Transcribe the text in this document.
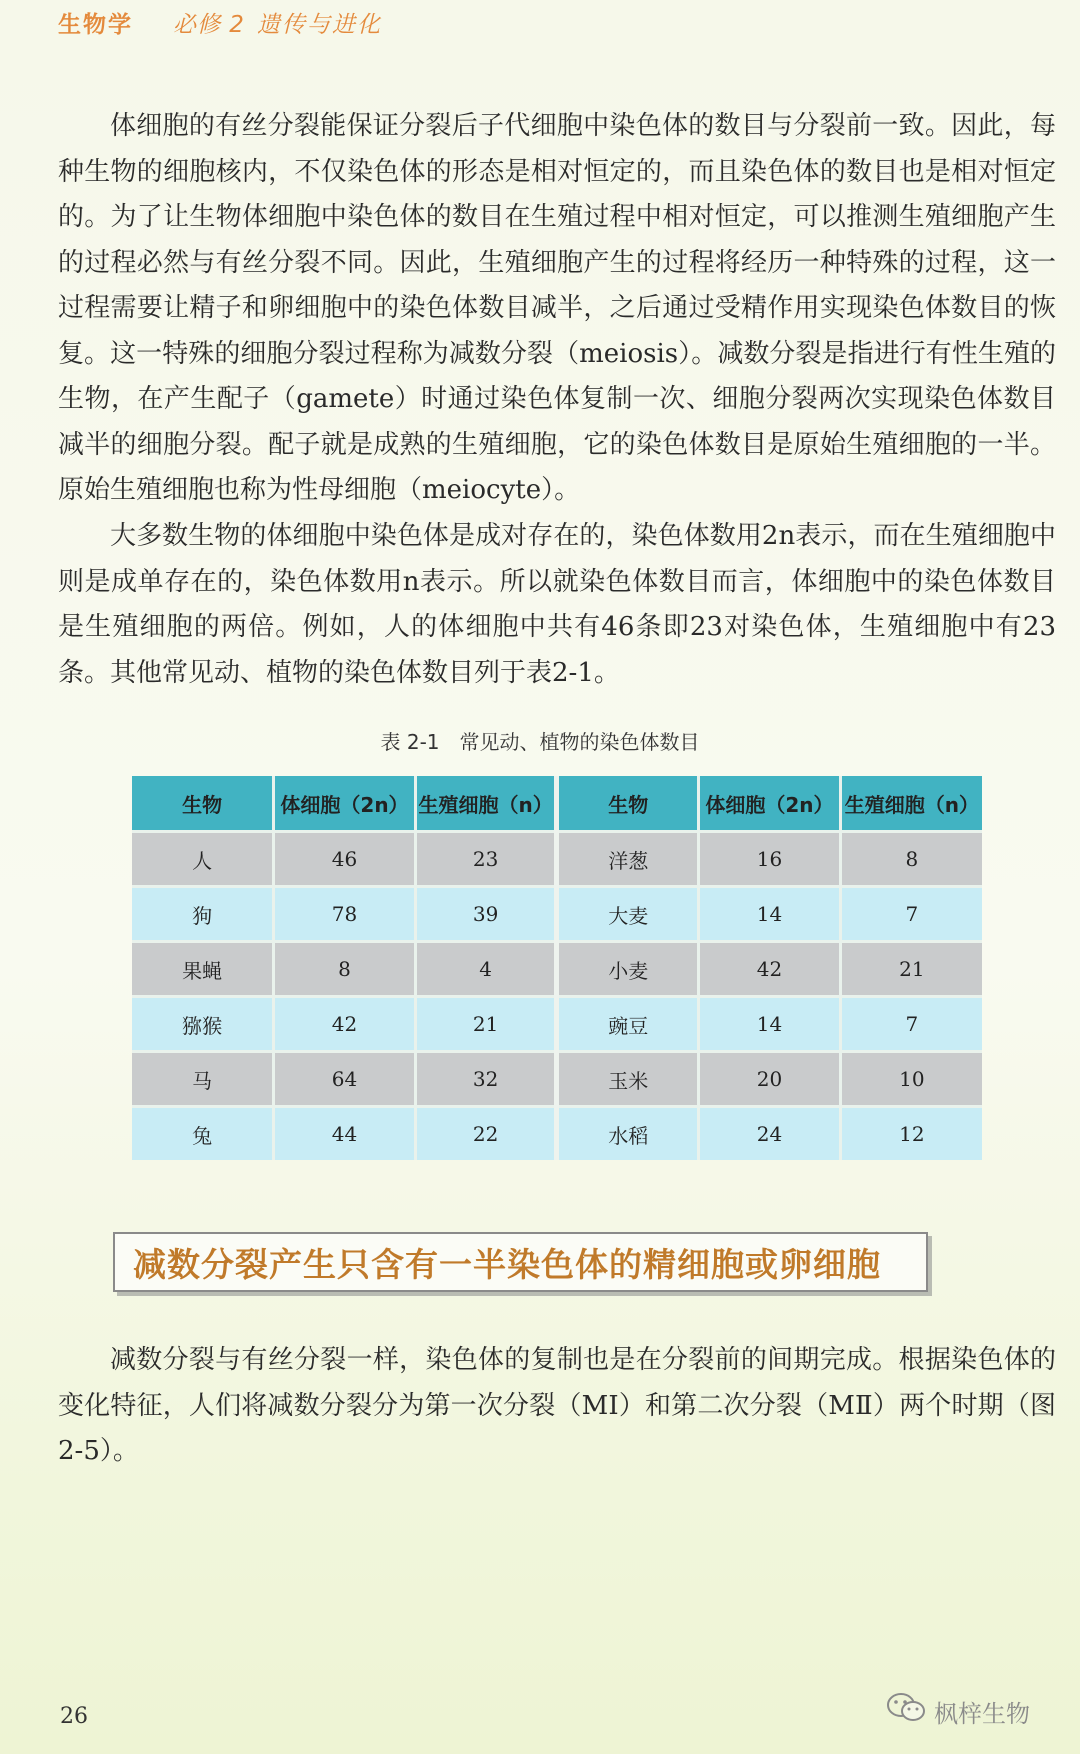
生物学 必修 2 遗传与进化

体细胞的有丝分裂能保证分裂后子代细胞中染色体的数目与分裂前一致。因此，每种生物的细胞核内，不仅染色体的形态是相对恒定的，而且染色体的数目也是相对恒定的。为了让生物体细胞中染色体的数目在生殖过程中相对恒定，可以推测生殖细胞产生的过程必然与有丝分裂不同。因此，生殖细胞产生的过程将经历一种特殊的过程，这一过程需要让精子和卵细胞中的染色体数目减半，之后通过受精作用实现染色体数目的恢复。这一特殊的细胞分裂过程称为减数分裂（meiosis）。减数分裂是指进行有性生殖的生物，在产生配子（gamete）时通过染色体复制一次、细胞分裂两次实现染色体数目减半的细胞分裂。配子就是成熟的生殖细胞，它的染色体数目是原始生殖细胞的一半。原始生殖细胞也称为性母细胞（meiocyte）。

大多数生物的体细胞中染色体是成对存在的，染色体数用2n表示，而在生殖细胞中则是成单存在的，染色体数用n表示。所以就染色体数目而言，体细胞中的染色体数目是生殖细胞的两倍。例如，人的体细胞中共有46条即23对染色体，生殖细胞中有23条。其他常见动、植物的染色体数目列于表2-1。

表 2-1　常见动、植物的染色体数目
生物	体细胞（2n）	生殖细胞（n）	生物	体细胞（2n）	生殖细胞（n）
人	46	23	洋葱	16	8
狗	78	39	大麦	14	7
果蝇	8	4	小麦	42	21
猕猴	42	21	豌豆	14	7
马	64	32	玉米	20	10
兔	44	22	水稻	24	12
减数分裂产生只含有一半染色体的精细胞或卵细胞

减数分裂与有丝分裂一样，染色体的复制也是在分裂前的间期完成。根据染色体的变化特征，人们将减数分裂分为第一次分裂（MⅠ）和第二次分裂（MⅡ）两个时期（图2-5）。

26	枫梓生物
